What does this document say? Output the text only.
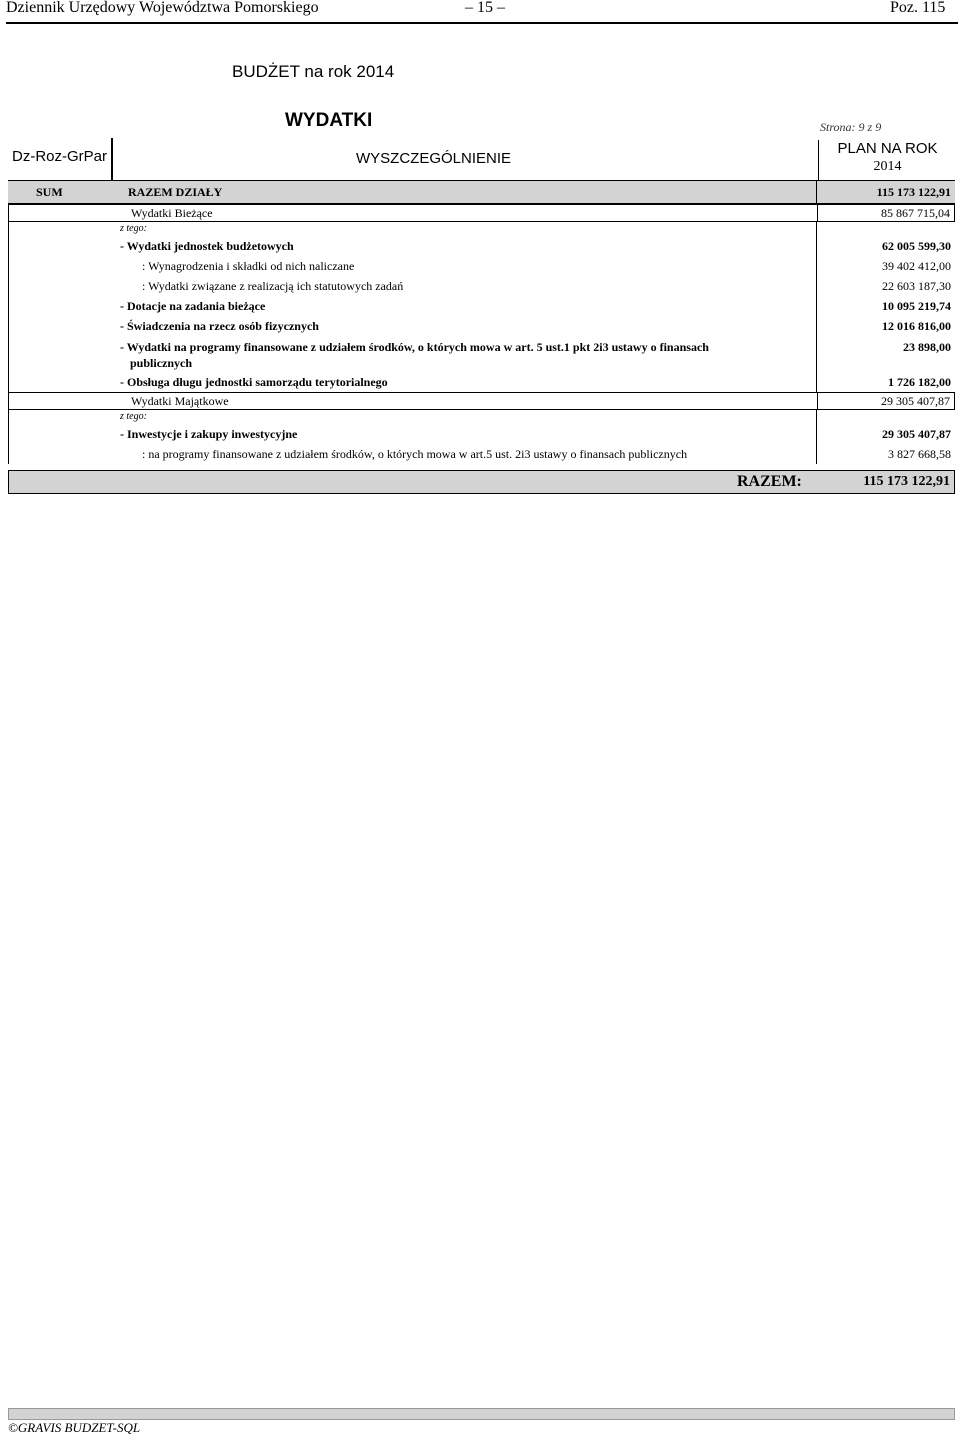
Dziennik Urzędowy Województwa Pomorskiego	– 15 –	Poz. 115
BUDŻET na rok 2014
WYDATKI	Strona: 9 z 9
Dz-Roz-GrPar	WYSZCZEGÓLNIENIE
PLAN NA ROK
2014
SUM	RAZEM DZIAŁY	115 173 122,91
Wydatki Bieżące	85 867 715,04
z tego:
- Wydatki jednostek budżetowych	62 005 599,30
: Wynagrodzenia i składki od nich naliczane	39 402 412,00
: Wydatki związane z realizacją ich statutowych zadań	22 603 187,30
- Dotacje na zadania bieżące	10 095 219,74
- Świadczenia na rzecz osób fizycznych	12 016 816,00
- Wydatki na programy finansowane z udziałem środków, o których mowa w art. 5 ust.1 pkt 2i3 ustawy o finansach
publicznych
23 898,00
- Obsługa długu jednostki samorządu terytorialnego	1 726 182,00
Wydatki Majątkowe	29 305 407,87
z tego:
- Inwestycje i zakupy inwestycyjne	29 305 407,87
: na programy finansowane z udziałem środków, o których mowa w art.5 ust. 2i3 ustawy o finansach publicznych	3 827 668,58
RAZEM:	115 173 122,91
©GRAVIS BUDZET-SQL
